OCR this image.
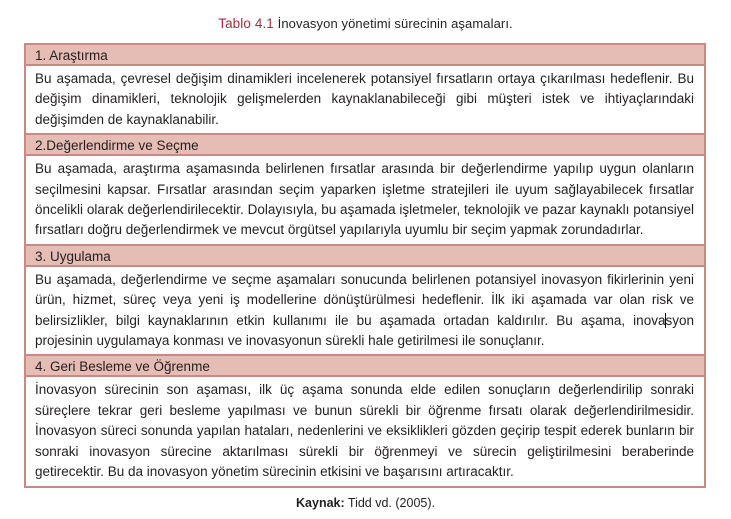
Tablo 4.1 İnovasyon yönetimi sürecinin aşamaları.
1. Araştırma
Bu aşamada, çevresel değişim dinamikleri incelenerek potansiyel fırsatların ortaya çıkarılması hedeflenir. Bu değişim dinamikleri, teknolojik gelişmelerden kaynaklanabileceği gibi müşteri istek ve ihtiyaçlarındaki değişimden de kaynaklanabilir.
2.Değerlendirme ve Seçme
Bu aşamada, araştırma aşamasında belirlenen fırsatlar arasında bir değerlendirme yapılıp uygun olanların seçilmesini kapsar. Fırsatlar arasından seçim yaparken işletme stratejileri ile uyum sağlayabilecek fırsatlar öncelikli olarak değerlendirilecektir. Dolayısıyla, bu aşamada işletmeler, teknolojik ve pazar kaynaklı potansiyel fırsatları doğru değerlendirmek ve mevcut örgütsel yapılarıyla uyumlu bir seçim yapmak zorundadırlar.
3. Uygulama
Bu aşamada, değerlendirme ve seçme aşamaları sonucunda belirlenen potansiyel inovasyon fikirlerinin yeni ürün, hizmet, süreç veya yeni iş modellerine dönüştürülmesi hedeflenir. İlk iki aşamada var olan risk ve belirsizlikler, bilgi kaynaklarının etkin kullanımı ile bu aşamada ortadan kaldırılır. Bu aşama, inovasyon projesinin uygulamaya konması ve inovasyonun sürekli hale getirilmesi ile sonuçlanır.
4. Geri Besleme ve Öğrenme
İnovasyon sürecinin son aşaması, ilk üç aşama sonunda elde edilen sonuçların değerlendirilip sonraki süreçlere tekrar geri besleme yapılması ve bunun sürekli bir öğrenme fırsatı olarak değerlendirilmesidir. İnovasyon süreci sonunda yapılan hataları, nedenlerini ve eksiklikleri gözden geçirip tespit ederek bunların bir sonraki inovasyon sürecine aktarılması sürekli bir öğrenmeyi ve sürecin geliştirilmesini beraberinde getirecektir. Bu da inovasyon yönetim sürecinin etkisini ve başarısını artıracaktır.
Kaynak: Tidd vd. (2005).
